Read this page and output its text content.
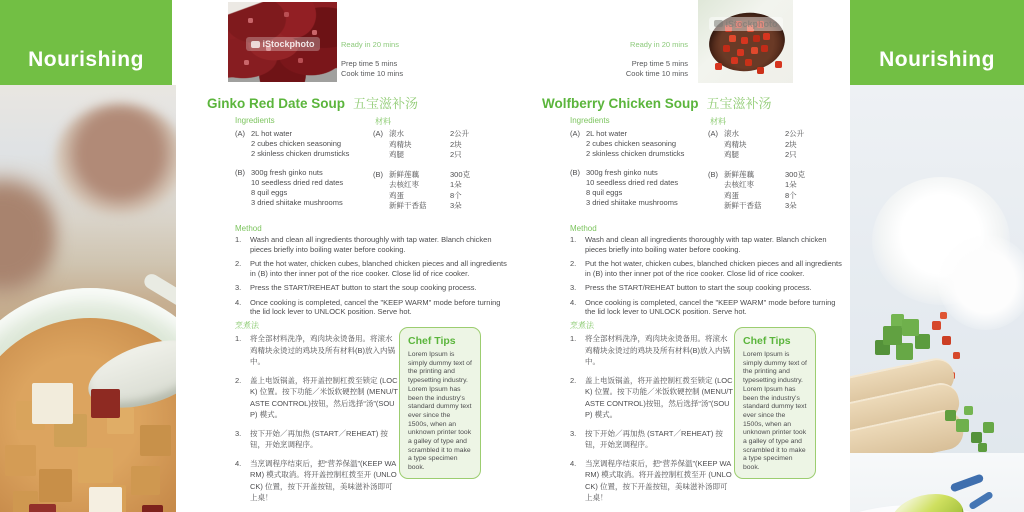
Nourishing	Nourishing
iStockphoto	Ready in 20 mins
Prep time 5 mins
Cook time 10 mins
Ginko Red Date Soup 五宝滋补汤
Ingredients
(A) 2L hot water
2 cubes chicken seasoning
2 skinless chicken drumsticks
(B) 300g fresh ginko nuts
10 seedless dried red dates
8 quil eggs
3 dried shiitake mushrooms
材料
(A) 滚水	2公升
鸡精块	2块
鸡腿	2只
(B) 新鲜莲藕	300克
去核红枣	1朵
鸡蛋	8个
新鲜干香菇	3朵
Method
Wash and clean all ingredients thoroughly with tap water. Blanch chicken pieces briefly into boiling water before cooking.
Put the hot water, chicken cubes, blanched chicken pieces and all ingredients in (B) into ther inner pot of the rice cooker. Close lid of rice cooker.
Press the START/REHEAT button to start the soup cooking process.
Once cooking is completed, cancel the "KEEP WARM" mode before turning the lid lock lever to UNLOCK position. Serve hot.
烹煮法
将全部材料洗净，鸡肉块汆烫备用。将滚水鸡精块汆烫过的鸡块及所有材料(B)放入内锅中。
盖上电饭锅盖，将开盖控制杠拨至锁定 (LOCK) 位置。按下功能／米饭软硬控制 (MENU/TASTE CONTROL)按钮，然后选择“汤”(SOUP) 模式。
按下开始／再加热 (START／REHEAT) 按钮，开始烹调程序。
当烹调程序结束后，把“营养保温”(KEEP WARM) 模式取消。将开盖控制杠拨至开 (UNLOCK) 位置，按下开盖按钮，美味滋补汤即可上桌！
Chef Tips
Lorem Ipsum is simply dummy text of the printing and typesetting industry. Lorem Ipsum has been the industry's standard dummy text ever since the 1500s, when an unknown printer took a galley of type and scrambled it to make a type specimen book.
iStockphoto
Ready in 20 mins
Prep time 5 mins
Cook time 10 mins
Wolfberry Chicken Soup 五宝滋补汤
Ingredients
(A) 2L hot water
2 cubes chicken seasoning
2 skinless chicken drumsticks
(B) 300g fresh ginko nuts
10 seedless dried red dates
8 quil eggs
3 dried shiitake mushrooms
材料
(A) 滚水	2公升
鸡精块	2块
鸡腿	2只
(B) 新鲜莲藕	300克
去核红枣	1朵
鸡蛋	8个
新鲜干香菇	3朵
Method
Wash and clean all ingredients thoroughly with tap water. Blanch chicken pieces briefly into boiling water before cooking.
Put the hot water, chicken cubes, blanched chicken pieces and all ingredients in (B) into ther inner pot of the rice cooker. Close lid of rice cooker.
Press the START/REHEAT button to start the soup cooking process.
Once cooking is completed, cancel the "KEEP WARM" mode before turning the lid lock lever to UNLOCK position. Serve hot.
烹煮法
将全部材料洗净，鸡肉块汆烫备用。将滚水鸡精块汆烫过的鸡块及所有材料(B)放入内锅中。
盖上电饭锅盖，将开盖控制杠拨至锁定 (LOCK) 位置。按下功能／米饭软硬控制 (MENU/TASTE CONTROL)按钮，然后选择“汤”(SOUP) 模式。
按下开始／再加热 (START／REHEAT) 按钮，开始烹调程序。
当烹调程序结束后，把“营养保温”(KEEP WARM) 模式取消。将开盖控制杠拨至开 (UNLOCK) 位置，按下开盖按钮，美味滋补汤即可上桌！
Chef Tips
Lorem Ipsum is simply dummy text of the printing and typesetting industry. Lorem Ipsum has been the industry's standard dummy text ever since the 1500s, when an unknown printer took a galley of type and scrambled it to make a type specimen book.
